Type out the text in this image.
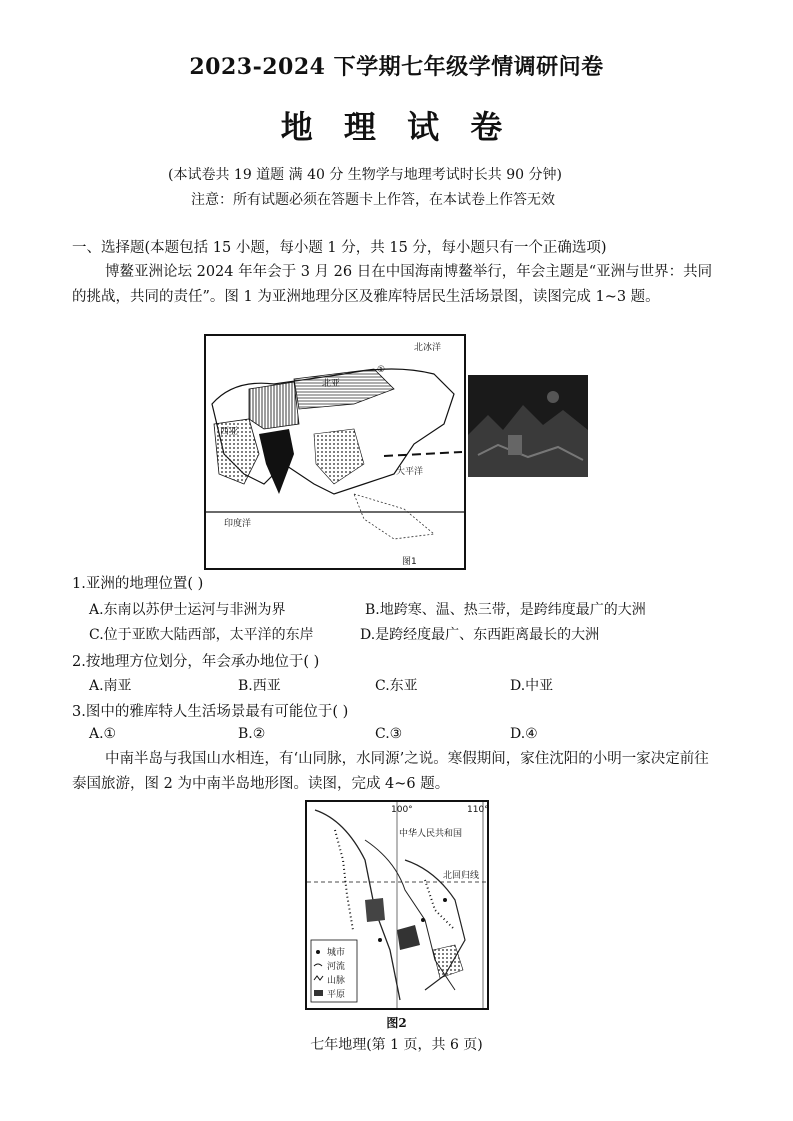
2023-2024 下学期七年级学情调研问卷
地 理 试 卷
(本试卷共 19 道题 满 40 分 生物学与地理考试时长共 90 分钟)
注意：所有试题必须在答题卡上作答，在本试卷上作答无效
一、选择题(本题包括 15 小题，每小题 1 分，共 15 分，每小题只有一个正确选项)
博鳌亚洲论坛 2024 年年会于 3 月 26 日在中国海南博鳌举行，年会主题是“亚洲与世界：共同的挑战，共同的责任”。图 1 为亚洲地理分区及雅库特居民生活场景图，读图完成 1~3 题。
北冰洋
北亚
①
大平洋
印度洋
西亚
图1
1.亚洲的地理位置( )
A.东南以苏伊士运河与非洲为界	B.地跨寒、温、热三带，是跨纬度最广的大洲
C.位于亚欧大陆西部，太平洋的东岸	D.是跨经度最广、东西距离最长的大洲
2.按地理方位划分，年会承办地位于( )
A.南亚	B.西亚	C.东亚	D.中亚
3.图中的雅库特人生活场景最有可能位于( )
A.①	B.②	C.③	D.④
中南半岛与我国山水相连，有‘山同脉，水同源’之说。寒假期间，家住沈阳的小明一家决定前往泰国旅游，图 2 为中南半岛地形图。读图，完成 4~6 题。
100°	110°
中华人民共和国
北回归线
城市
河流
山脉
平原
图2
七年地理(第 1 页，共 6 页)
